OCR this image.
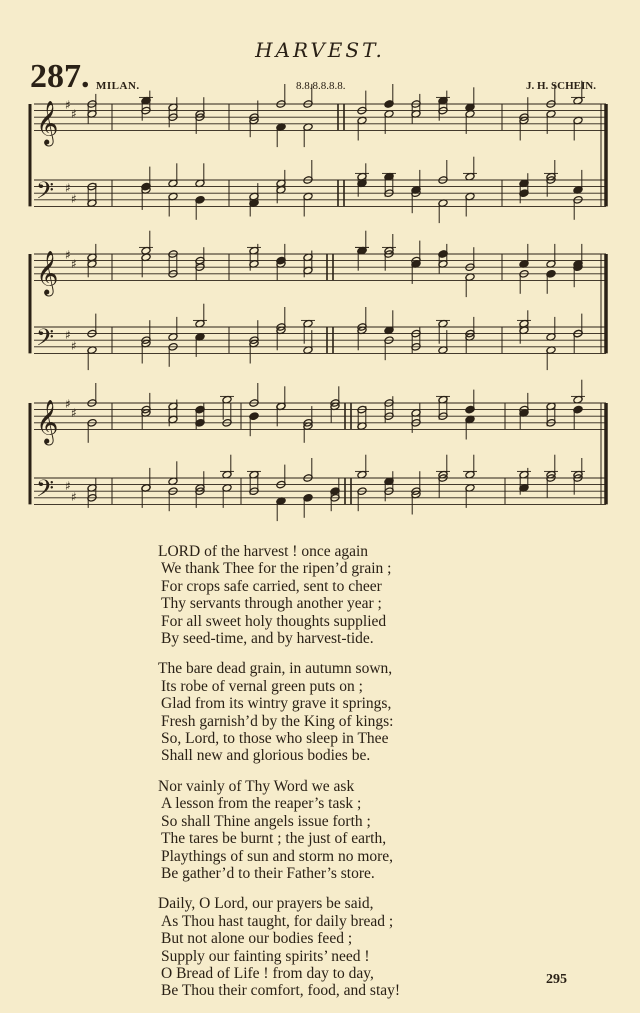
HARVEST.
287. MILAN.	8.8.8.8.8.8.	J. H. SCHEIN.
𝄞 ♯
♯
𝄢 ♯
♯
𝄞 ♯
♯
𝄢 ♯
♯
𝄞 ♯
♯
𝄢 ♯
♯
LORD of the harvest ! once again
We thank Thee for the ripen’d grain ;
For crops safe carried, sent to cheer
Thy servants through another year ;
For all sweet holy thoughts supplied
By seed-time, and by harvest-tide.
The bare dead grain, in autumn sown,
Its robe of vernal green puts on ;
Glad from its wintry grave it springs,
Fresh garnish’d by the King of kings:
So, Lord, to those who sleep in Thee
Shall new and glorious bodies be.
Nor vainly of Thy Word we ask
A lesson from the reaper’s task ;
So shall Thine angels issue forth ;
The tares be burnt ; the just of earth,
Playthings of sun and storm no more,
Be gather’d to their Father’s store.
Daily, O Lord, our prayers be said,
As Thou hast taught, for daily bread ;
But not alone our bodies feed ;
Supply our fainting spirits’ need !
O Bread of Life ! from day to day,
Be Thou their comfort, food, and stay!
295
